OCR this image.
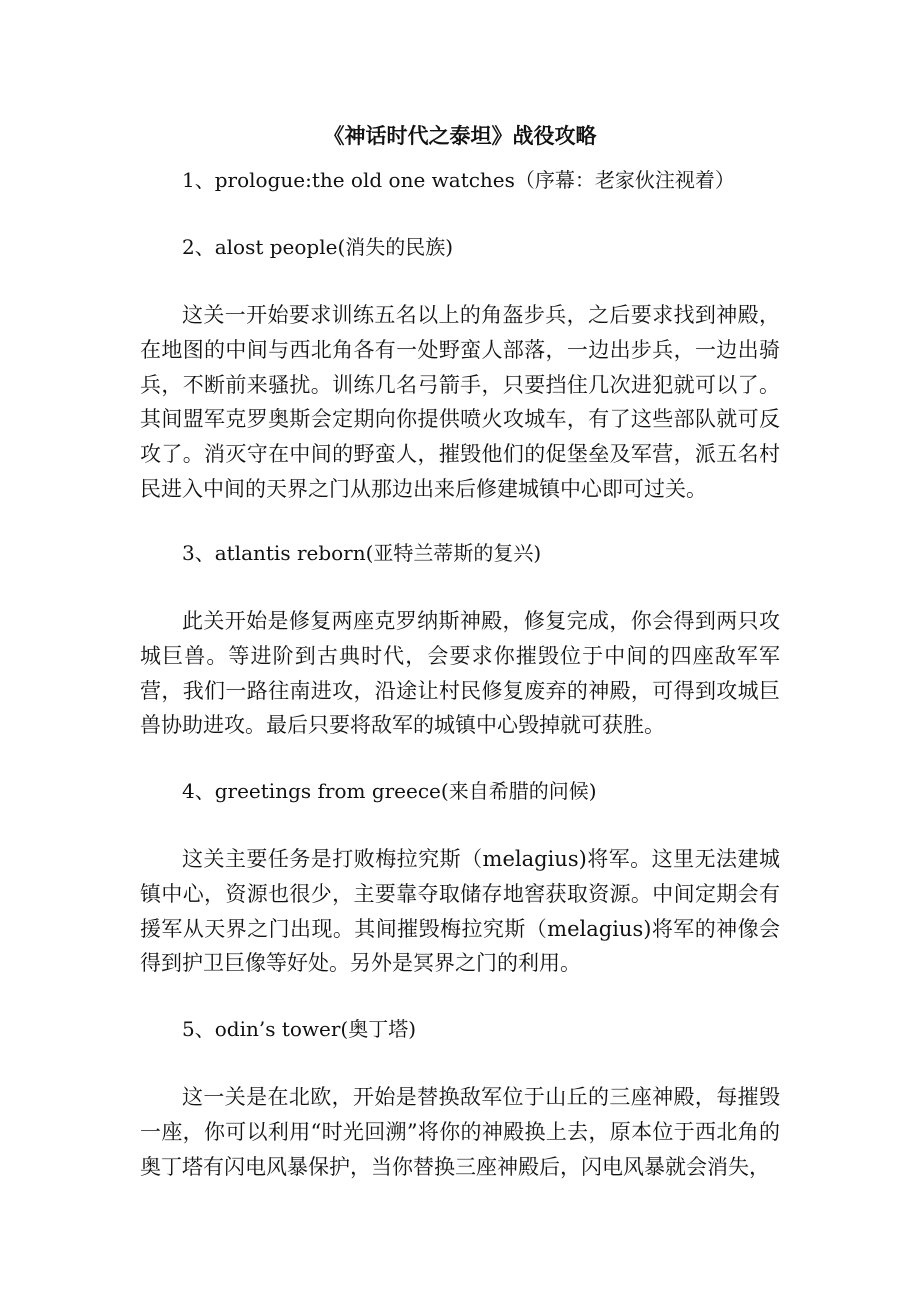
《神话时代之泰坦》战役攻略

1、prologue:the old one watches（序幕：老家伙注视着）

2、alost people(消失的民族)

这关一开始要求训练五名以上的角盔步兵，之后要求找到神殿，在地图的中间与西北角各有一处野蛮人部落，一边出步兵，一边出骑兵，不断前来骚扰。训练几名弓箭手，只要挡住几次进犯就可以了。其间盟军克罗奥斯会定期向你提供喷火攻城车，有了这些部队就可反攻了。消灭守在中间的野蛮人，摧毁他们的促堡垒及军营，派五名村民进入中间的天界之门从那边出来后修建城镇中心即可过关。

3、atlantis reborn(亚特兰蒂斯的复兴)

此关开始是修复两座克罗纳斯神殿，修复完成，你会得到两只攻城巨兽。等进阶到古典时代，会要求你摧毁位于中间的四座敌军军营，我们一路往南进攻，沿途让村民修复废弃的神殿，可得到攻城巨兽协助进攻。最后只要将敌军的城镇中心毁掉就可获胜。

4、greetings from greece(来自希腊的问候)

这关主要任务是打败梅拉究斯（melagius)将军。这里无法建城镇中心，资源也很少，主要靠夺取储存地窖获取资源。中间定期会有援军从天界之门出现。其间摧毁梅拉究斯（melagius)将军的神像会得到护卫巨像等好处。另外是冥界之门的利用。

5、odin’s tower(奥丁塔)

这一关是在北欧，开始是替换敌军位于山丘的三座神殿，每摧毁一座，你可以利用“时光回溯”将你的神殿换上去，原本位于西北角的奥丁塔有闪电风暴保护，当你替换三座神殿后，闪电风暴就会消失，
